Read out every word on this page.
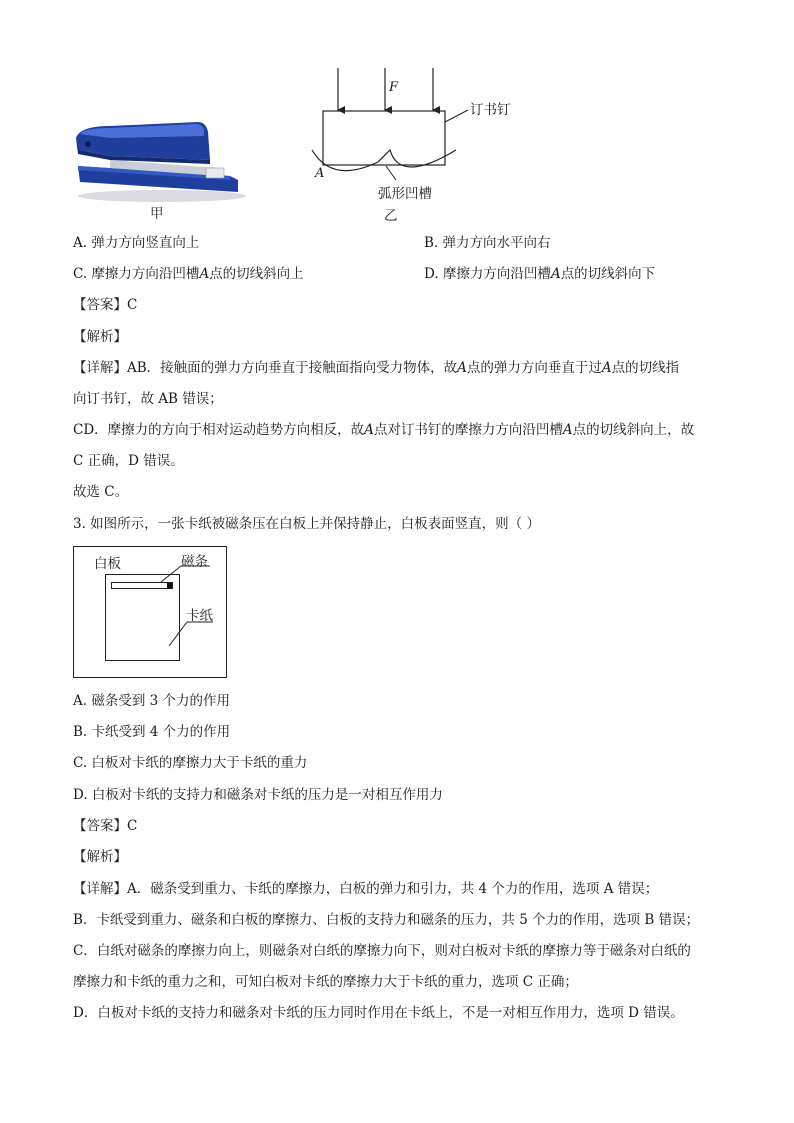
甲
F
订书钉
A
弧形凹槽
乙
A. 弹力方向竖直向上	B. 弹力方向水平向右
C. 摩擦力方向沿凹槽A点的切线斜向上	D. 摩擦力方向沿凹槽A点的切线斜向下
【答案】C
【解析】
【详解】AB．接触面的弹力方向垂直于接触面指向受力物体，故A点的弹力方向垂直于过A点的切线指
向订书钉，故 AB 错误；
CD．摩擦力的方向于相对运动趋势方向相反，故A点对订书钉的摩擦力方向沿凹槽A点的切线斜向上，故
C 正确，D 错误。
故选 C。
3. 如图所示，一张卡纸被磁条压在白板上并保持静止，白板表面竖直，则（ ）
白板	磁条
卡纸
A. 磁条受到 3 个力的作用
B. 卡纸受到 4 个力的作用
C. 白板对卡纸的摩擦力大于卡纸的重力
D. 白板对卡纸的支持力和磁条对卡纸的压力是一对相互作用力
【答案】C
【解析】
【详解】A．磁条受到重力、卡纸的摩擦力，白板的弹力和引力，共 4 个力的作用，选项 A 错误；
B．卡纸受到重力、磁条和白板的摩擦力、白板的支持力和磁条的压力，共 5 个力的作用，选项 B 错误；
C．白纸对磁条的摩擦力向上，则磁条对白纸的摩擦力向下，则对白板对卡纸的摩擦力等于磁条对白纸的
摩擦力和卡纸的重力之和，可知白板对卡纸的摩擦力大于卡纸的重力，选项 C 正确；
D．白板对卡纸的支持力和磁条对卡纸的压力同时作用在卡纸上，不是一对相互作用力，选项 D 错误。
